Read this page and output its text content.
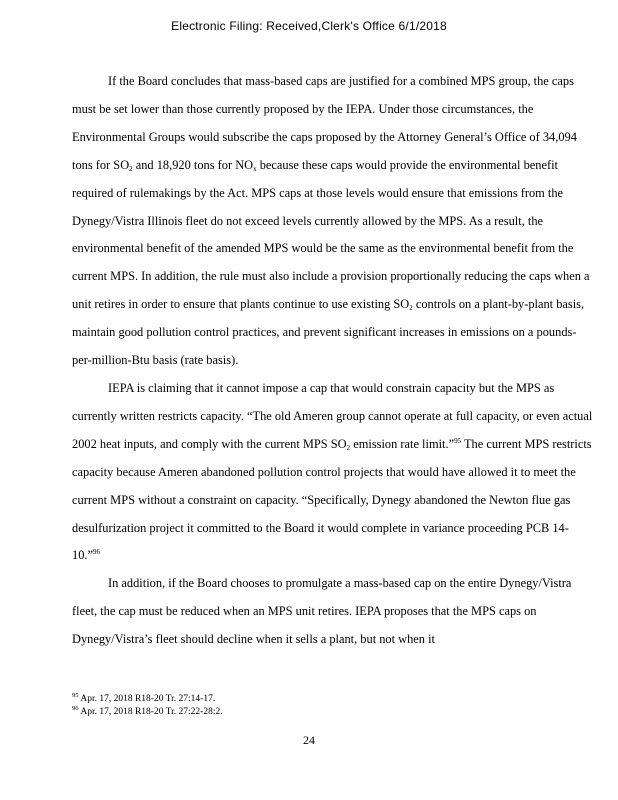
Electronic Filing: Received,Clerk's Office 6/1/2018

If the Board concludes that mass-based caps are justified for a combined MPS group, the caps must be set lower than those currently proposed by the IEPA. Under those circumstances, the Environmental Groups would subscribe the caps proposed by the Attorney General’s Office of 34,094 tons for $SO_2$ and 18,920 tons for $NO_x$ because these caps would provide the environmental benefit required of rulemakings by the Act. MPS caps at those levels would ensure that emissions from the Dynegy/Vistra Illinois fleet do not exceed levels currently allowed by the MPS. As a result, the environmental benefit of the amended MPS would be the same as the environmental benefit from the current MPS. In addition, the rule must also include a provision proportionally reducing the caps when a unit retires in order to ensure that plants continue to use existing $SO_2$ controls on a plant-by-plant basis, maintain good pollution control practices, and prevent significant increases in emissions on a pounds-per-million-Btu basis (rate basis).

IEPA is claiming that it cannot impose a cap that would constrain capacity but the MPS as currently written restricts capacity. “The old Ameren group cannot operate at full capacity, or even actual 2002 heat inputs, and comply with the current MPS $SO_2$ emission rate limit.”$^{95}$ The current MPS restricts capacity because Ameren abandoned pollution control projects that would have allowed it to meet the current MPS without a constraint on capacity. “Specifically, Dynegy abandoned the Newton flue gas desulfurization project it committed to the Board it would complete in variance proceeding PCB 14-10.”$^{96}$

In addition, if the Board chooses to promulgate a mass-based cap on the entire Dynegy/Vistra fleet, the cap must be reduced when an MPS unit retires. IEPA proposes that the MPS caps on Dynegy/Vistra’s fleet should decline when it sells a plant, but not when it

$^{95}$ Apr. 17, 2018 R18-20 Tr. 27:14-17.
$^{96}$ Apr. 17, 2018 R18-20 Tr. 27:22-28:2.
24
